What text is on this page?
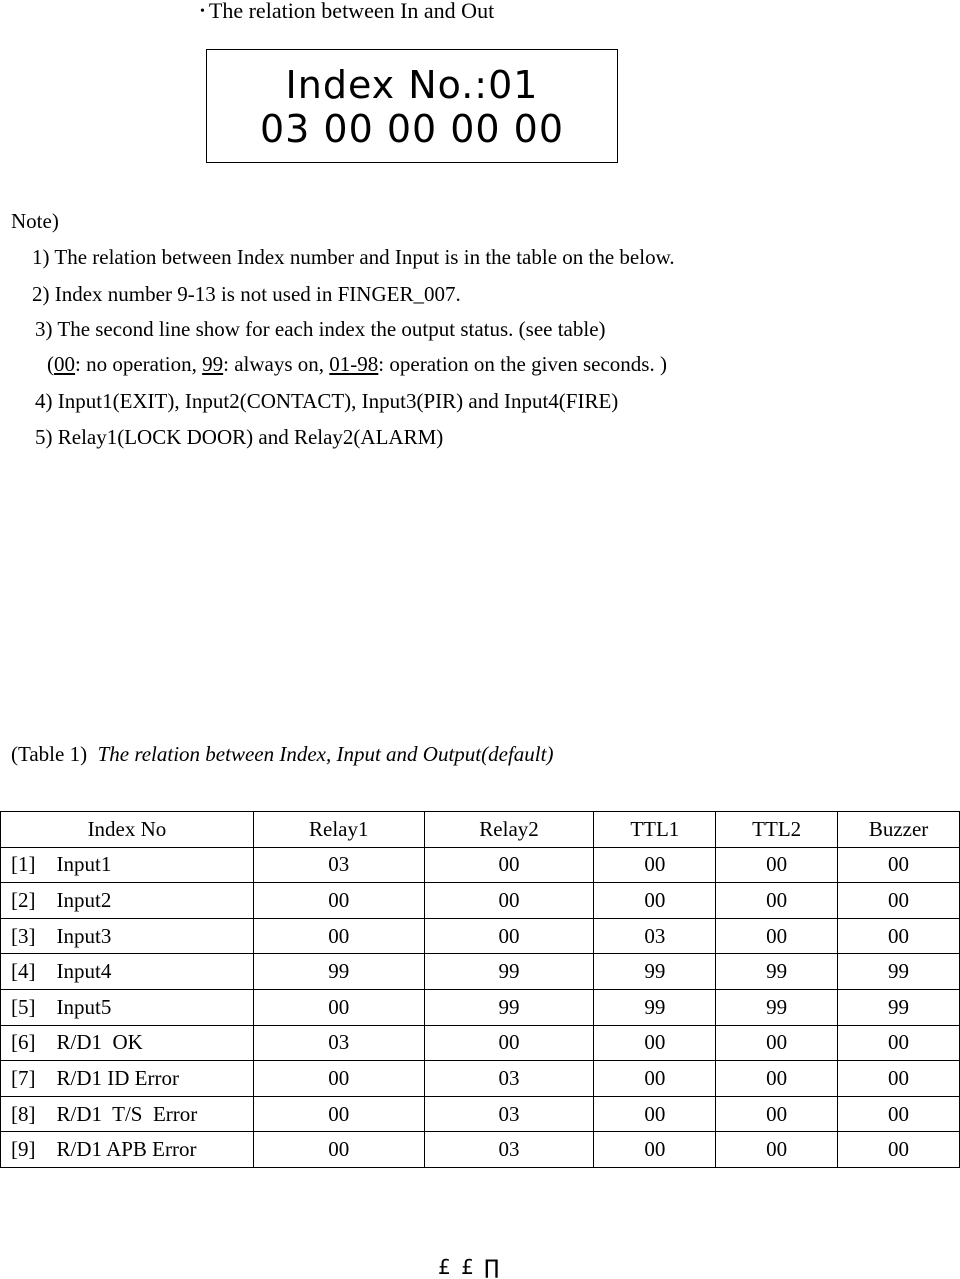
• The relation between In and Out
Index No.:01
03 00 00 00 00
Note)
1) The relation between Index number and Input is in the table on the below.
2) Index number 9-13 is not used in FINGER_007.
3) The second line show for each index the output status. (see table)
(00: no operation, 99: always on, 01-98: operation on the given seconds. )
4) Input1(EXIT), Input2(CONTACT), Input3(PIR) and Input4(FIRE)
5) Relay1(LOCK DOOR) and Relay2(ALARM)
(Table 1) The relation between Index, Input and Output(default)
Index No	Relay1	Relay2	TTL1	TTL2	Buzzer
[1]    Input1	03	00	00	00	00
[2]    Input2	00	00	00	00	00
[3]    Input3	00	00	03	00	00
[4]    Input4	99	99	99	99	99
[5]    Input5	00	99	99	99	99
[6]    R/D1  OK	03	00	00	00	00
[7]    R/D1 ID Error	00	03	00	00	00
[8]    R/D1  T/S  Error	00	03	00	00	00
[9]    R/D1 APB Error	00	03	00	00	00
£ £ ∏
